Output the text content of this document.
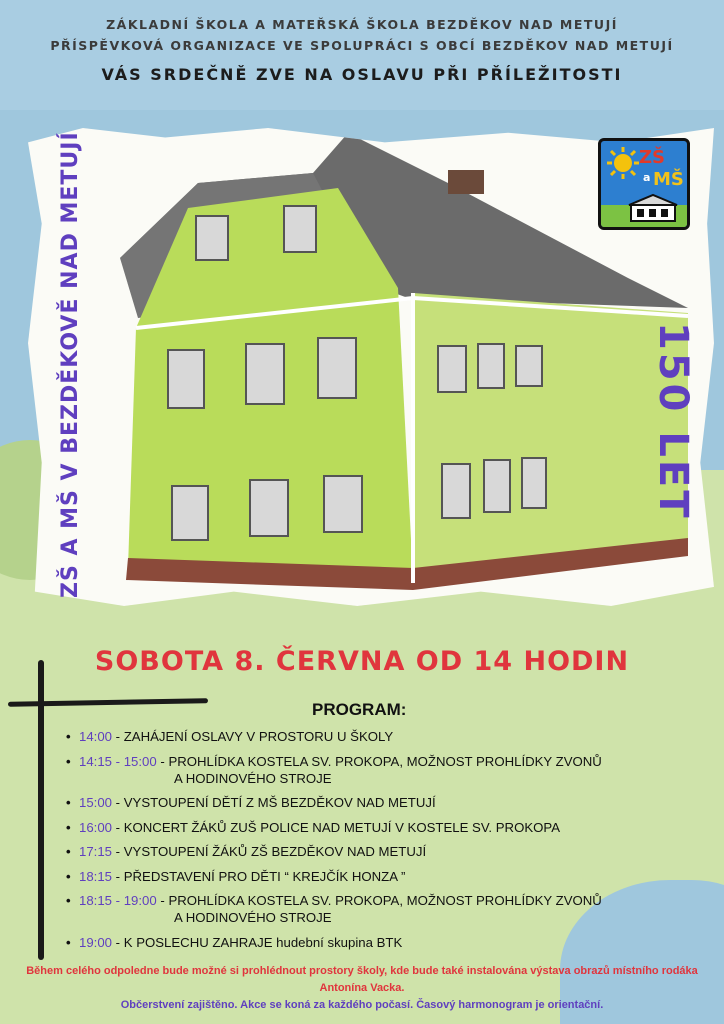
ZÁKLADNÍ ŠKOLA A MATEŘSKÁ ŠKOLA BEZDĚKOV NAD METUJÍ
PŘÍSPĚVKOVÁ ORGANIZACE VE SPOLUPRÁCI S OBCÍ BEZDĚKOV NAD METUJÍ
VÁS SRDEČNĚ ZVE NA OSLAVU PŘI PŘÍLEŽITOSTI
ZŠ A MŠ V BEZDĚKOVĚ NAD METUJÍ	150 LET
ZŠ
a MŠ
SOBOTA 8. ČERVNA OD 14 HODIN
PROGRAM:
• 14:00 - ZAHÁJENÍ OSLAVY V PROSTORU U ŠKOLY
• 14:15 - 15:00 - PROHLÍDKA KOSTELA SV. PROKOPA, MOŽNOST PROHLÍDKY ZVONŮ
A HODINOVÉHO STROJE
• 15:00 - VYSTOUPENÍ DĚTÍ Z MŠ BEZDĚKOV NAD METUJÍ
• 16:00 - KONCERT ŽÁKŮ ZUŠ POLICE NAD METUJÍ V KOSTELE SV. PROKOPA
• 17:15 - VYSTOUPENÍ ŽÁKŮ ZŠ BEZDĚKOV NAD METUJÍ
• 18:15 - PŘEDSTAVENÍ PRO DĚTI “ KREJČÍK HONZA ”
• 18:15 - 19:00 - PROHLÍDKA KOSTELA SV. PROKOPA, MOŽNOST PROHLÍDKY ZVONŮ
A HODINOVÉHO STROJE
• 19:00 - K POSLECHU ZAHRAJE hudební skupina BTK
Během celého odpoledne bude možné si prohlédnout prostory školy, kde bude také instalována výstava obrazů místního rodáka Antonína Vacka.
Občerstvení zajištěno. Akce se koná za každého počasí. Časový harmonogram je orientační.
